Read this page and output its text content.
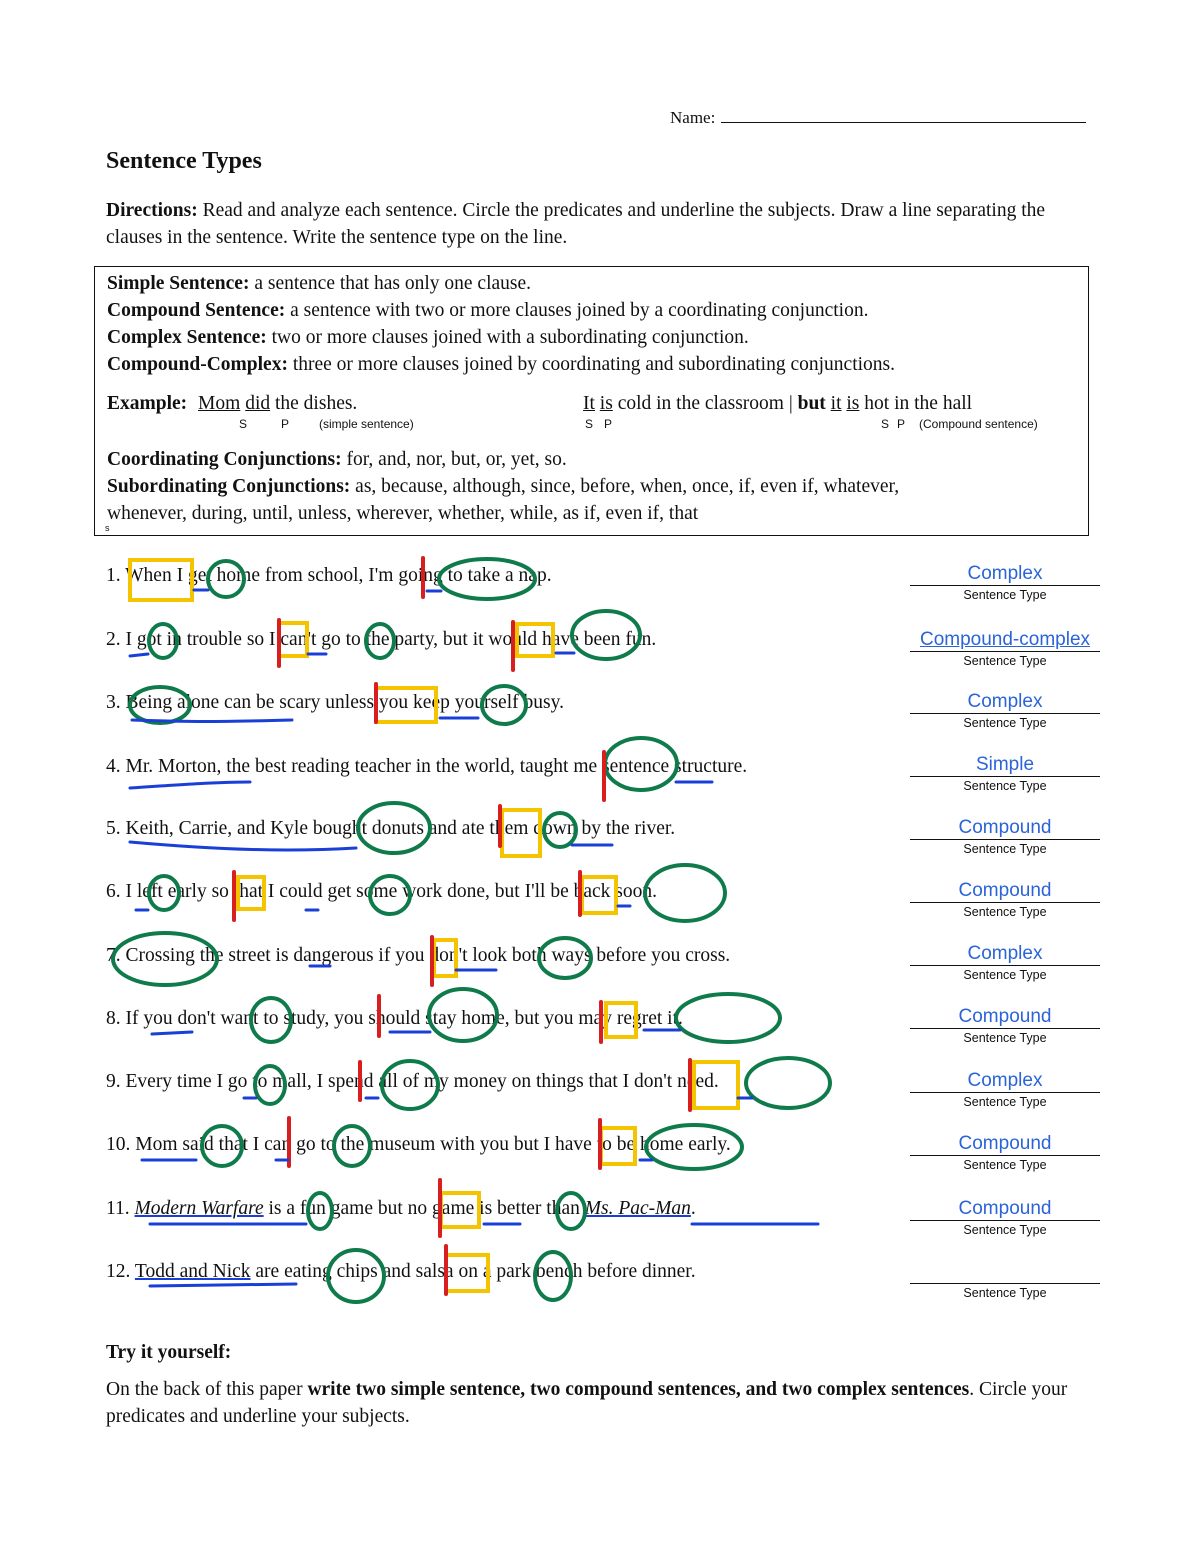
Name:
Sentence Types
Directions: Read and analyze each sentence. Circle the predicates and underline the subjects. Draw a line separating the clauses in the sentence. Write the sentence type on the line.
Simple Sentence: a sentence that has only one clause.
Compound Sentence: a sentence with two or more clauses joined by a coordinating conjunction.
Complex Sentence: two or more clauses joined with a subordinating conjunction.
Compound-Complex: three or more clauses joined by coordinating and subordinating conjunctions.
Example: Mom did the dishes.
S	P (simple sentence)
It is cold in the classroom | but it is hot in the hall
S P	S P (Compound sentence)
Coordinating Conjunctions: for, and, nor, but, or, yet, so.
Subordinating Conjunctions: as, because, although, since, before, when, once, if, even if, whatever,
whenever, during, until, unless, wherever, whether, while, as if, even if, that
s
1. When I get home from school, I'm going to take a nap.
2. I got in trouble so I can't go to the party, but it would have been fun.
3. Being alone can be scary unless you keep yourself busy.
4. Mr. Morton, the best reading teacher in the world, taught me sentence structure.
5. Keith, Carrie, and Kyle bought donuts and ate them down by the river.
6. I left early so that I could get some work done, but I'll be back soon.
7. Crossing the street is dangerous if you don't look both ways before you cross.
8. If you don't want to study, you should stay home, but you may regret it.
9. Every time I go to mall, I spend all of my money on things that I don't need.
10. Mom said that I can go to the museum with you but I have to be home early.
11. Modern Warfare is a fun game but no game is better than Ms. Pac-Man.
12. Todd and Nick are eating chips and salsa on a park bench before dinner.
Complex
Sentence Type
Compound-complex
Sentence Type
Complex
Sentence Type
Simple
Sentence Type
Compound
Sentence Type
Compound
Sentence Type
Complex
Sentence Type
Compound
Sentence Type
Complex
Sentence Type
Compound
Sentence Type
Compound
Sentence Type
Sentence Type
Try it yourself:
On the back of this paper write two simple sentence, two compound sentences, and two complex sentences. Circle your predicates and underline your subjects.
